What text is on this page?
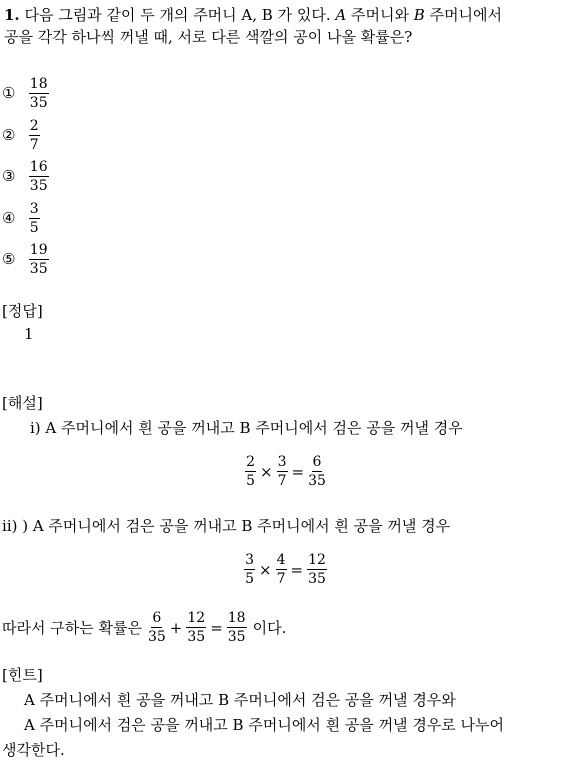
1. 다음 그림과 같이 두 개의 주머니 A, B 가 있다. A 주머니와 B 주머니에서
공을 각각 하나씩 꺼낼 때, 서로 다른 색깔의 공이 나올 확률은?
① $\frac{18}{35}$
② $\frac{2}{7}$
③ $\frac{16}{35}$
④ $\frac{3}{5}$
⑤ $\frac{19}{35}$
[정답]
1
[해설]
ⅰ) A 주머니에서 흰 공을 꺼내고 B 주머니에서 검은 공을 꺼낼 경우
$\frac{2}{5} \times \frac{3}{7} = \frac{6}{35}$
ⅱ) ) A 주머니에서 검은 공을 꺼내고 B 주머니에서 흰 공을 꺼낼 경우
$\frac{3}{5} \times \frac{4}{7} = \frac{12}{35}$
따라서 구하는 확률은 $\frac{6}{35} + \frac{12}{35} = \frac{18}{35}$ 이다.
[힌트]
A 주머니에서 흰 공을 꺼내고 B 주머니에서 검은 공을 꺼낼 경우와
A 주머니에서 검은 공을 꺼내고 B 주머니에서 흰 공을 꺼낼 경우로 나누어
생각한다.
